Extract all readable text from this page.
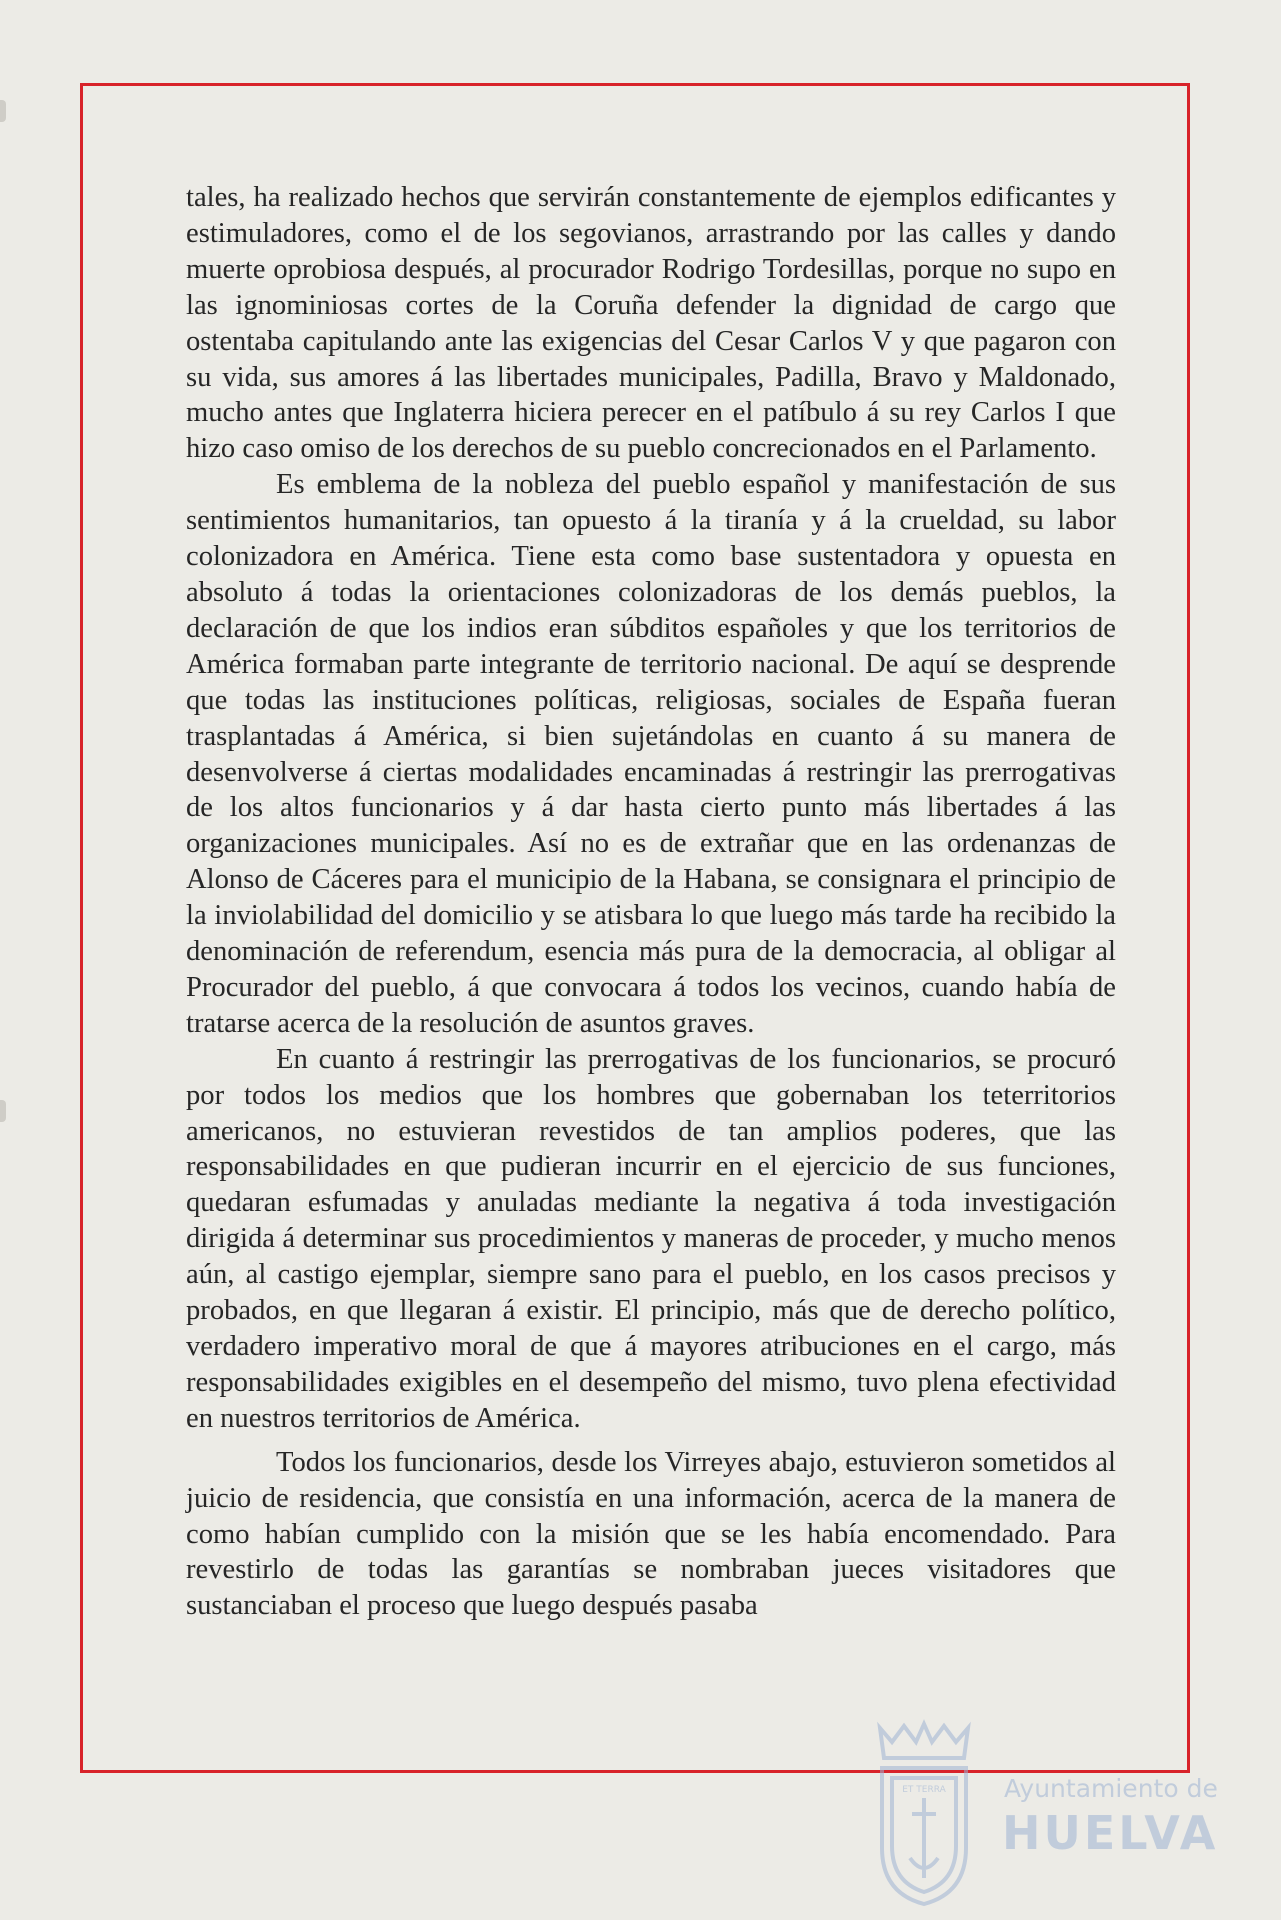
tales, ha realizado hechos que servirán constantemente de ejemplos edificantes y estimuladores, como el de los segovianos, arrastrando por las calles y dando muerte oprobiosa después, al procurador Rodrigo Tordesillas, porque no supo en las ignominiosas cortes de la Coruña defender la dignidad de cargo que ostentaba capitulando ante las exigencias del Cesar Carlos V y que pagaron con su vida, sus amores á las libertades municipales, Padilla, Bravo y Maldonado, mucho antes que Inglaterra hiciera perecer en el patíbulo á su rey Carlos I que hizo caso omiso de los derechos de su pueblo concrecionados en el Parlamento.

Es emblema de la nobleza del pueblo español y manifestación de sus sentimientos humanitarios, tan opuesto á la tiranía y á la crueldad, su labor colonizadora en América. Tiene esta como base sustentadora y opuesta en absoluto á todas la orientaciones colonizadoras de los demás pueblos, la declaración de que los indios eran súbditos españoles y que los territorios de América formaban parte integrante de territorio nacional. De aquí se desprende que todas las instituciones políticas, religiosas, sociales de España fueran trasplantadas á América, si bien sujetándolas en cuanto á su manera de desenvolverse á ciertas modalidades encaminadas á restringir las prerrogativas de los altos funcionarios y á dar hasta cierto punto más libertades á las organizaciones municipales. Así no es de extrañar que en las ordenanzas de Alonso de Cáceres para el municipio de la Habana, se consignara el principio de la inviolabilidad del domicilio y se atisbara lo que luego más tarde ha recibido la denominación de referendum, esencia más pura de la democracia, al obligar al Procurador del pueblo, á que convocara á todos los vecinos, cuando había de tratarse acerca de la resolución de asuntos graves.

En cuanto á restringir las prerrogativas de los funcionarios, se procuró por todos los medios que los hombres que gobernaban los teterritorios americanos, no estuvieran revestidos de tan amplios poderes, que las responsabilidades en que pudieran incurrir en el ejercicio de sus funciones, quedaran esfumadas y anuladas mediante la negativa á toda investigación dirigida á determinar sus procedimientos y maneras de proceder, y mucho menos aún, al castigo ejemplar, siempre sano para el pueblo, en los casos precisos y probados, en que llegaran á existir. El principio, más que de derecho político, verdadero imperativo moral de que á mayores atribuciones en el cargo, más responsabilidades exigibles en el desempeño del mismo, tuvo plena efectividad en nuestros territorios de América.

Todos los funcionarios, desde los Virreyes abajo, estuvieron sometidos al juicio de residencia, que consistía en una información, acerca de la manera de como habían cumplido con la misión que se les había encomendado. Para revestirlo de todas las garantías se nombraban jueces visitadores que sustanciaban el proceso que luego después pasaba

ET TERRA Ayuntamiento de
HUELVA
